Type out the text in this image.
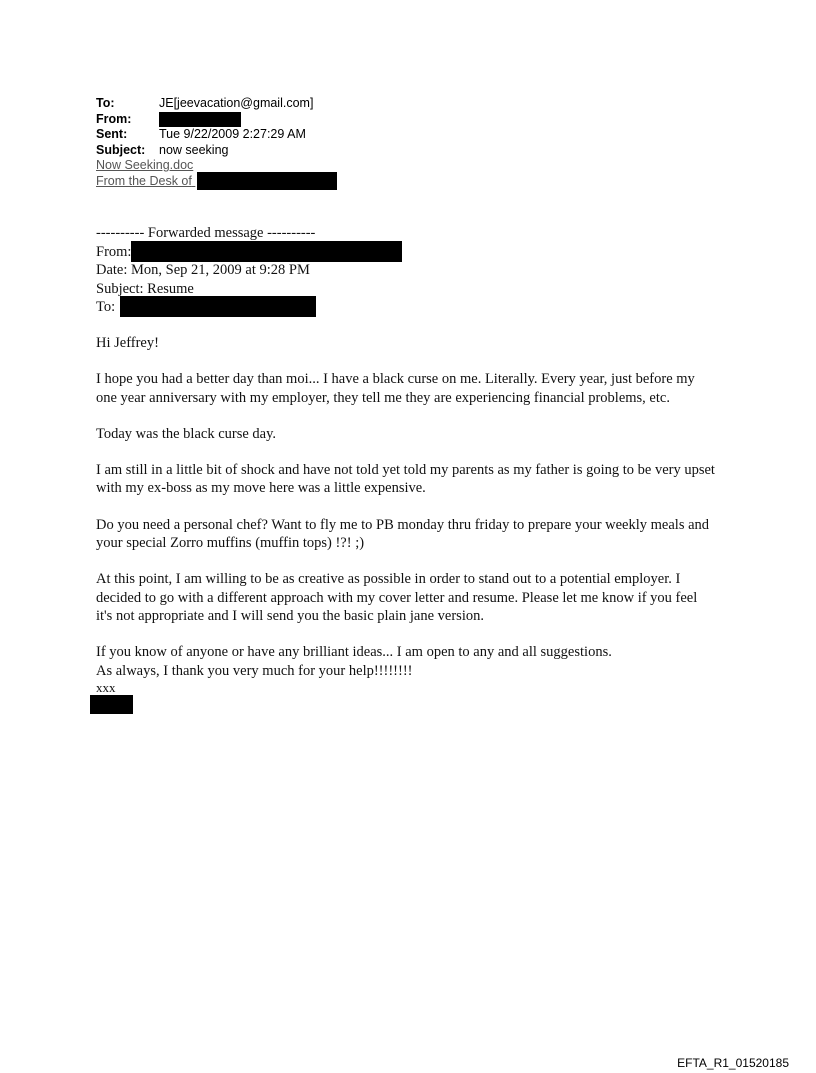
To:	JE[jeevacation@gmail.com]
From:
Sent:	Tue 9/22/2009 2:27:29 AM
Subject: now seeking
Now Seeking.doc
From the Desk of
---------- Forwarded message ----------
From:
Date: Mon, Sep 21, 2009 at 9:28 PM
Subject: Resume
To:

Hi Jeffrey!

I hope you had a better day than moi... I have a black curse on me. Literally. Every year, just before my one year anniversary with my employer, they tell me they are experiencing financial problems, etc.

Today was the black curse day.

I am still in a little bit of shock and have not told yet told my parents as my father is going to be very upset with my ex-boss as my move here was a little expensive.

Do you need a personal chef? Want to fly me to PB monday thru friday to prepare your weekly meals and your special Zorro muffins (muffin tops) !?! ;)

At this point, I am willing to be as creative as possible in order to stand out to a potential employer. I decided to go with a different approach with my cover letter and resume. Please let me know if you feel it's not appropriate and I will send you the basic plain jane version.

If you know of anyone or have any brilliant ideas... I am open to any and all suggestions.
As always, I thank you very much for your help!!!!!!!!
xxx
EFTA_R1_01520185
